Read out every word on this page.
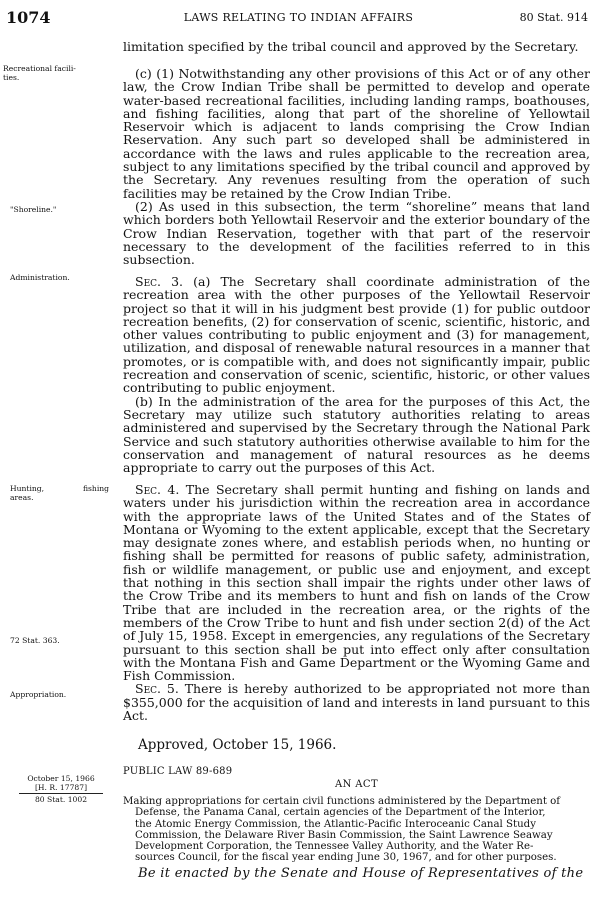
1074	LAWS RELATING TO INDIAN AFFAIRS	80 Stat. 914
Recreational facili-
ties.
"Shoreline."
Administration.
Hunting, fishing
areas.
72 Stat. 363.
Appropriation.

limitation specified by the tribal council and approved by the Secretary.

(c) (1) Notwithstanding any other provisions of this Act or of any other law, the Crow Indian Tribe shall be permitted to develop and operate water-based recreational facilities, including landing ramps, boathouses, and fishing facilities, along that part of the shoreline of Yellowtail Reservoir which is adjacent to lands comprising the Crow Indian Reservation. Any such part so developed shall be administered in accordance with the laws and rules applicable to the recreation area, subject to any limitations specified by the tribal council and approved by the Secretary. Any revenues resulting from the operation of such facilities may be retained by the Crow Indian Tribe.

(2) As used in this subsection, the term “shoreline” means that land which borders both Yellowtail Reservoir and the exterior boundary of the Crow Indian Reservation, together with that part of the reservoir necessary to the development of the facilities referred to in this subsection.

Sec. 3. (a) The Secretary shall coordinate administration of the recreation area with the other purposes of the Yellowtail Reservoir project so that it will in his judgment best provide (1) for public outdoor recreation benefits, (2) for conservation of scenic, scientific, historic, and other values contributing to public enjoyment and (3) for management, utilization, and disposal of renewable natural resources in a manner that promotes, or is compatible with, and does not significantly impair, public recreation and conservation of scenic, scientific, historic, or other values contributing to public enjoyment.

(b) In the administration of the area for the purposes of this Act, the Secretary may utilize such statutory authorities relating to areas administered and supervised by the Secretary through the National Park Service and such statutory authorities otherwise available to him for the conservation and management of natural resources as he deems appropriate to carry out the purposes of this Act.

Sec. 4. The Secretary shall permit hunting and fishing on lands and waters under his jurisdiction within the recreation area in accordance with the appropriate laws of the United States and of the States of Montana or Wyoming to the extent applicable, except that the Secretary may designate zones where, and establish periods when, no hunting or fishing shall be permitted for reasons of public safety, administration, fish or wildlife management, or public use and enjoyment, and except that nothing in this section shall impair the rights under other laws of the Crow Tribe and its members to hunt and fish on lands of the Crow Tribe that are included in the recreation area, or the rights of the members of the Crow Tribe to hunt and fish under section 2(d) of the Act of July 15, 1958. Except in emergencies, any regulations of the Secretary pursuant to this section shall be put into effect only after consultation with the Montana Fish and Game Department or the Wyoming Game and Fish Commission.

Sec. 5. There is hereby authorized to be appropriated not more than $355,000 for the acquisition of land and interests in land pursuant to this Act.

Approved, October 15, 1966.
PUBLIC LAW 89-689
AN ACT
October 15, 1966
[H. R. 17787]
80 Stat. 1002	Making appropriations for certain civil functions administered by the Department of
Defense, the Panama Canal, certain agencies of the Department of the Interior,
the Atomic Energy Commission, the Atlantic-Pacific Interoceanic Canal Study
Commission, the Delaware River Basin Commission, the Saint Lawrence Seaway
Development Corporation, the Tennessee Valley Authority, and the Water Re-
sources Council, for the fiscal year ending June 30, 1967, and for other purposes.
Be it enacted by the Senate and House of Representatives of the
